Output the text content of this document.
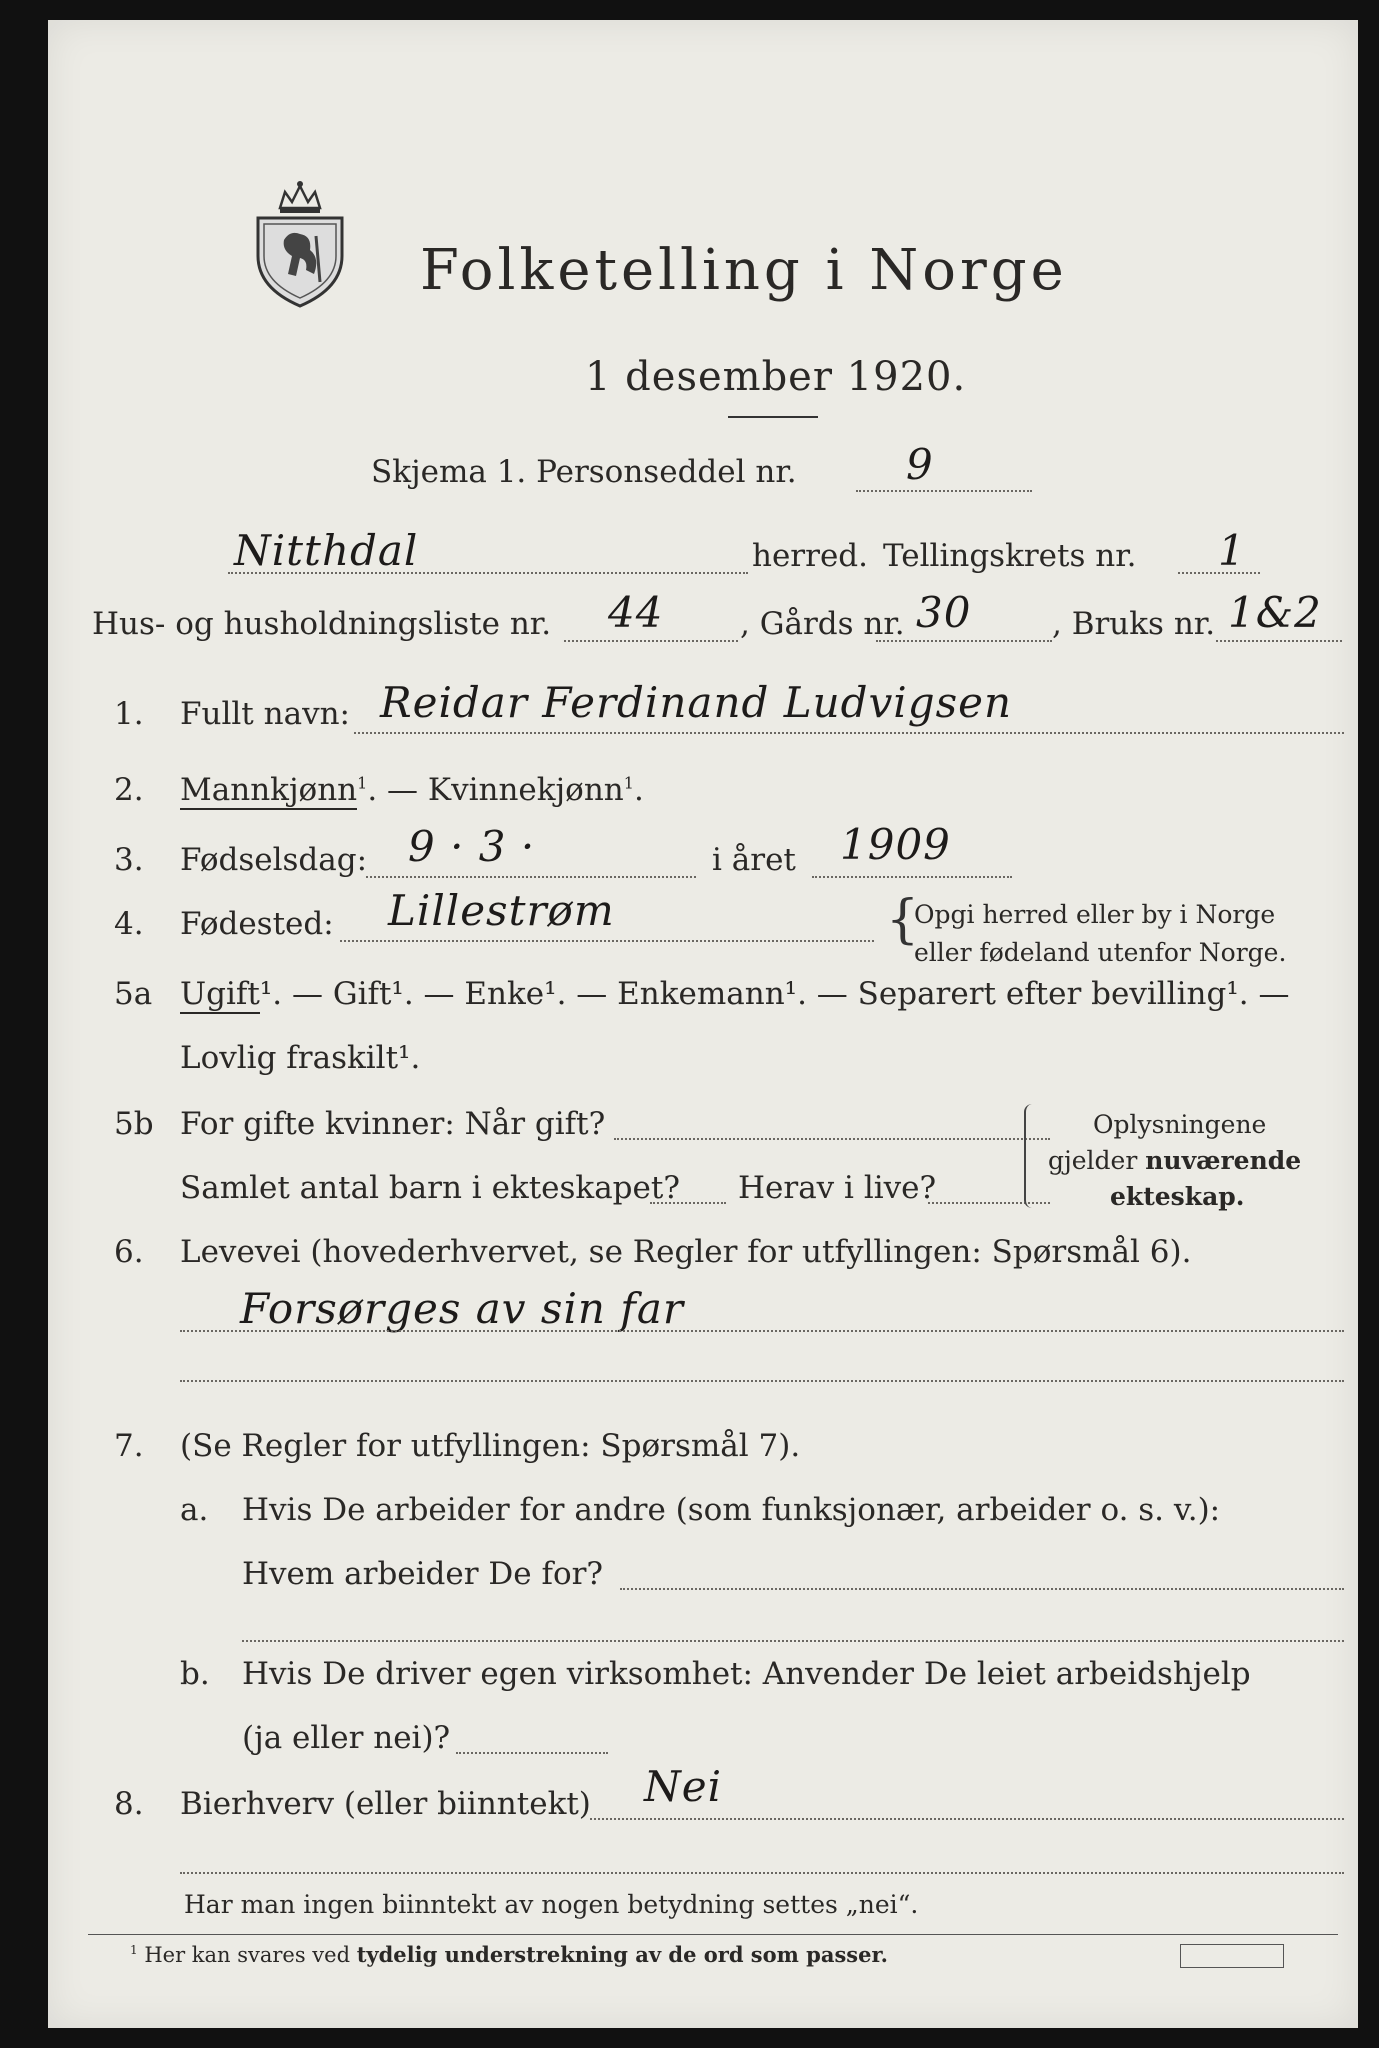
Folketelling i Norge
1 desember 1920.
Skjema 1. Personseddel nr.	9
Nitthdal	herred. Tellingskrets nr. 1
Hus- og husholdningsliste nr. 44 , Gårds nr. 30	, Bruks nr. 1&2
1. Fullt navn: Reidar Ferdinand Ludvigsen
2. Mannkjønn$^1$. — Kvinnekjønn$^1$.
3. Fødselsdag: 9 · 3 ·	i året 1909
4. Fødested: Lillestrøm	{
Opgi herred eller by i Norge
eller fødeland utenfor Norge.
5a Ugift¹. — Gift¹. — Enke¹. — Enkemann¹. — Separert efter bevilling¹. —
Lovlig fraskilt¹.
5b For gifte kvinner: Når gift?
Samlet antal barn i ekteskapet? Herav i live?
Oplysningene
gjelder nuværende
ekteskap.
6. Levevei (hovederhvervet, se Regler for utfyllingen: Spørsmål 6).
Forsørges av sin far
7. (Se Regler for utfyllingen: Spørsmål 7).
a. Hvis De arbeider for andre (som funksjonær, arbeider o. s. v.):
Hvem arbeider De for?
b. Hvis De driver egen virksomhet: Anvender De leiet arbeidshjelp
(ja eller nei)?
8. Bierhverv (eller biinntekt) Nei
Har man ingen biinntekt av nogen betydning settes „nei“.
$^1$ Her kan svares ved tydelig understrekning av de ord som passer.
